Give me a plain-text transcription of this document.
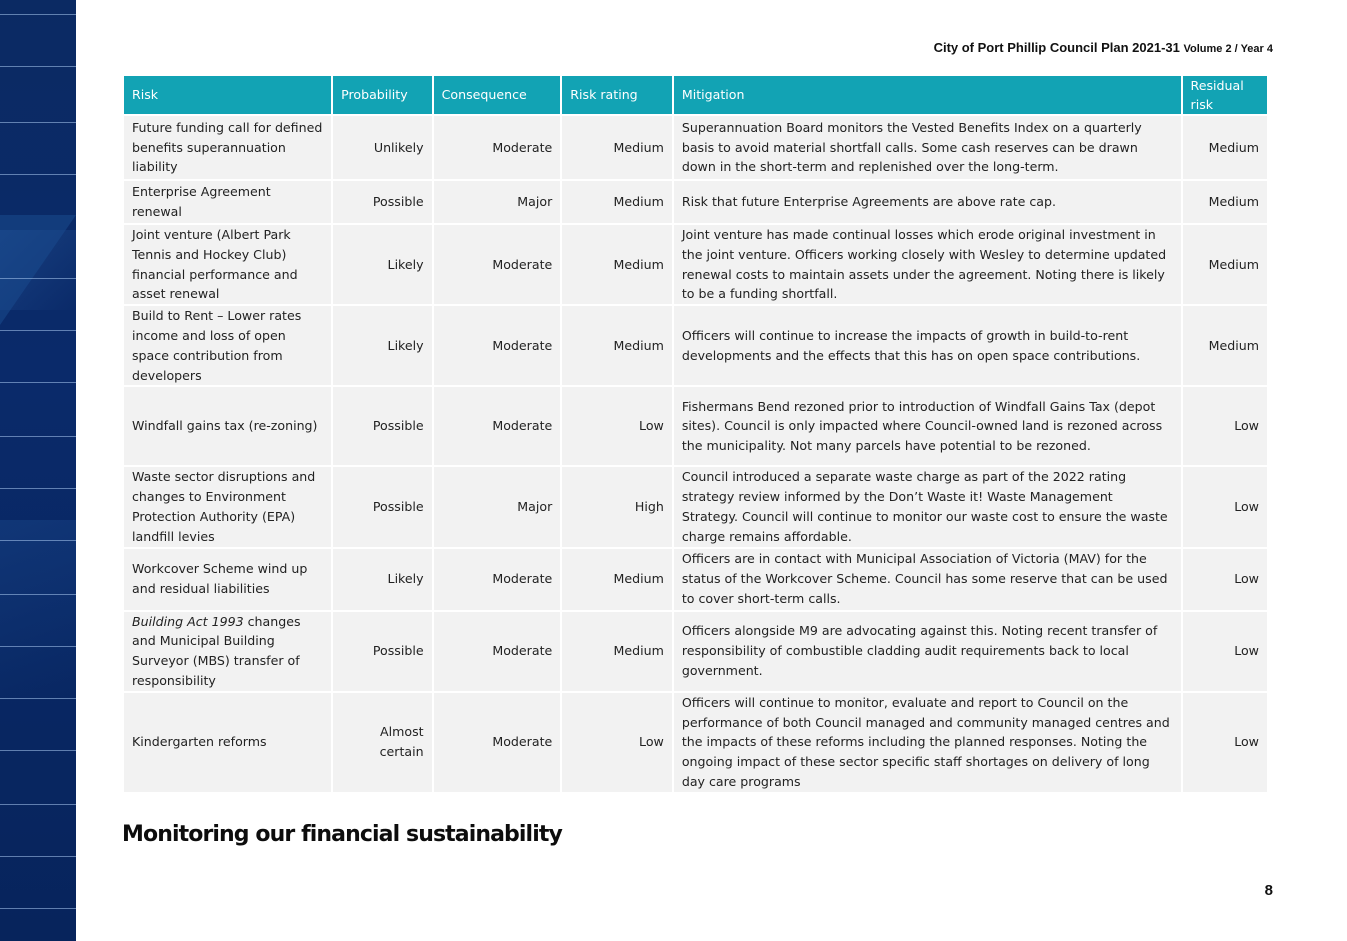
City of Port Phillip Council Plan 2021-31 Volume 2 / Year 4
Risk	Probability	Consequence	Risk rating	Mitigation	Residual risk
Future funding call for defined benefits superannuation liability	Unlikely	Moderate	Medium	Superannuation Board monitors the Vested Benefits Index on a quarterly basis to avoid material shortfall calls. Some cash reserves can be drawn down in the short-term and replenished over the long-term.	Medium
Enterprise Agreement renewal	Possible	Major	Medium	Risk that future Enterprise Agreements are above rate cap.	Medium
Joint venture (Albert Park Tennis and Hockey Club) financial performance and asset renewal	Likely	Moderate	Medium	Joint venture has made continual losses which erode original investment in the joint venture. Officers working closely with Wesley to determine updated renewal costs to maintain assets under the agreement. Noting there is likely to be a funding shortfall.	Medium
Build to Rent – Lower rates income and loss of open space contribution from developers	Likely	Moderate	Medium	Officers will continue to increase the impacts of growth in build-to-rent developments and the effects that this has on open space contributions.	Medium
Windfall gains tax (re-zoning)	Possible	Moderate	Low	Fishermans Bend rezoned prior to introduction of Windfall Gains Tax (depot sites). Council is only impacted where Council-owned land is rezoned across the municipality. Not many parcels have potential to be rezoned.	Low
Waste sector disruptions and changes to Environment Protection Authority (EPA) landfill levies	Possible	Major	High	Council introduced a separate waste charge as part of the 2022 rating strategy review informed by the Don’t Waste it! Waste Management Strategy. Council will continue to monitor our waste cost to ensure the waste charge remains affordable.	Low
Workcover Scheme wind up and residual liabilities	Likely	Moderate	Medium	Officers are in contact with Municipal Association of Victoria (MAV) for the status of the Workcover Scheme. Council has some reserve that can be used to cover short-term calls.	Low
Building Act 1993 changes and Municipal Building Surveyor (MBS) transfer of responsibility	Possible	Moderate	Medium	Officers alongside M9 are advocating against this. Noting recent transfer of responsibility of combustible cladding audit requirements back to local government.	Low
Kindergarten reforms	Almost certain	Moderate	Low	Officers will continue to monitor, evaluate and report to Council on the performance of both Council managed and community managed centres and the impacts of these reforms including the planned responses. Noting the ongoing impact of these sector specific staff shortages on delivery of long day care programs	Low
Monitoring our financial sustainability
8
